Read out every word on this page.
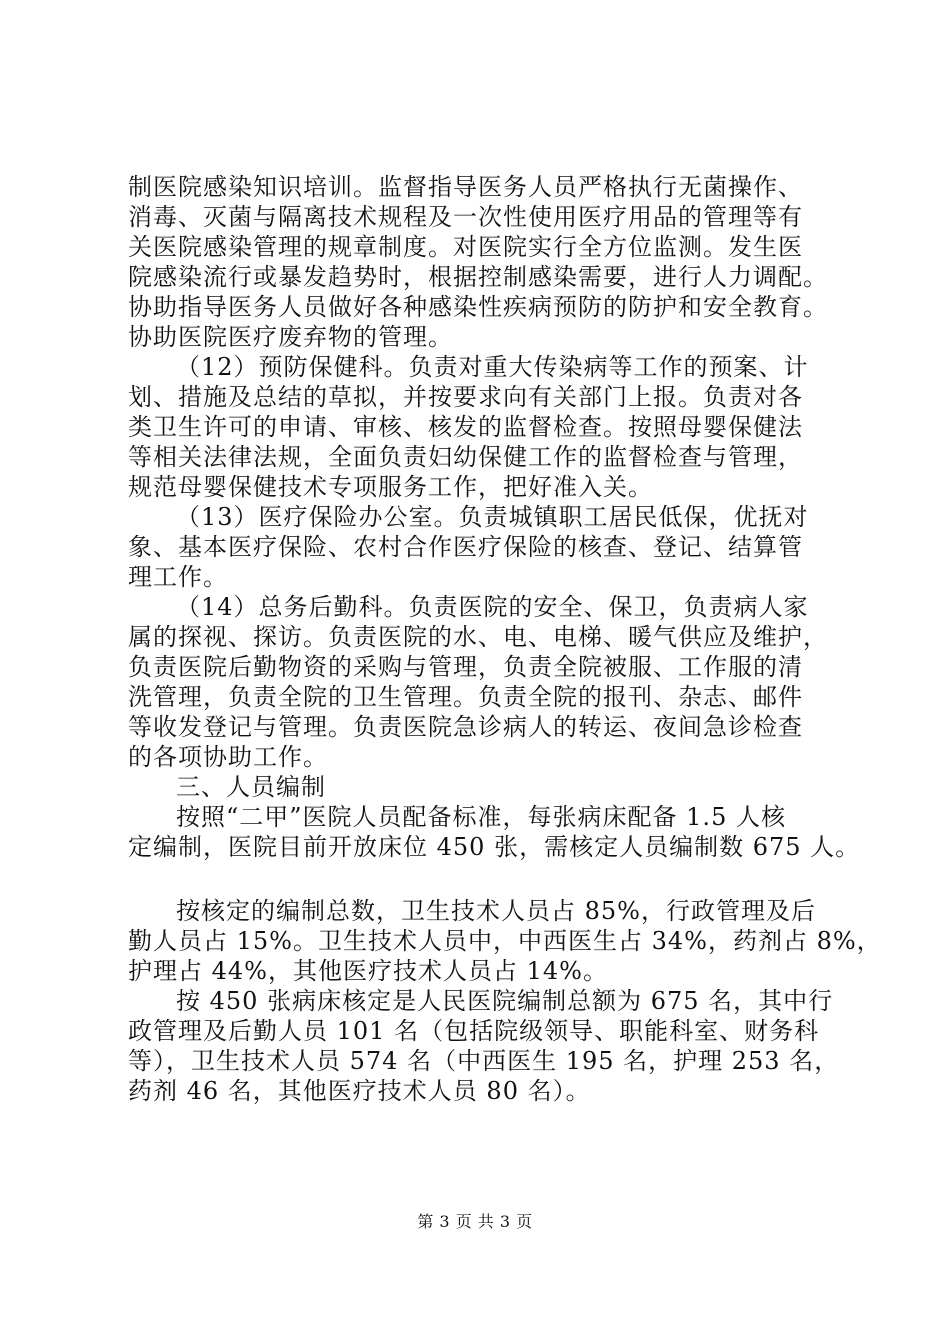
制医院感染知识培训。监督指导医务人员严格执行无菌操作、
消毒、灭菌与隔离技术规程及一次性使用医疗用品的管理等有
关医院感染管理的规章制度。对医院实行全方位监测。发生医
院感染流行或暴发趋势时，根据控制感染需要，进行人力调配。
协助指导医务人员做好各种感染性疾病预防的防护和安全教育。
协助医院医疗废弃物的管理。
（12）预防保健科。负责对重大传染病等工作的预案、计
划、措施及总结的草拟，并按要求向有关部门上报。负责对各
类卫生许可的申请、审核、核发的监督检查。按照母婴保健法
等相关法律法规，全面负责妇幼保健工作的监督检查与管理，
规范母婴保健技术专项服务工作，把好准入关。
（13）医疗保险办公室。负责城镇职工居民低保，优抚对
象、基本医疗保险、农村合作医疗保险的核查、登记、结算管
理工作。
（14）总务后勤科。负责医院的安全、保卫，负责病人家
属的探视、探访。负责医院的水、电、电梯、暖气供应及维护，
负责医院后勤物资的采购与管理，负责全院被服、工作服的清
洗管理，负责全院的卫生管理。负责全院的报刊、杂志、邮件
等收发登记与管理。负责医院急诊病人的转运、夜间急诊检查
的各项协助工作。
三、人员编制
按照“二甲”医院人员配备标准，每张病床配备 1.5 人核
定编制，医院目前开放床位 450 张，需核定人员编制数 675 人。
按核定的编制总数，卫生技术人员占 85%，行政管理及后
勤人员占 15%。卫生技术人员中，中西医生占 34%，药剂占 8%，
护理占 44%，其他医疗技术人员占 14%。
按 450 张病床核定是人民医院编制总额为 675 名，其中行
政管理及后勤人员 101 名（包括院级领导、职能科室、财务科
等），卫生技术人员 574 名（中西医生 195 名，护理 253 名，
药剂 46 名，其他医疗技术人员 80 名）。
第 3 页 共 3 页
